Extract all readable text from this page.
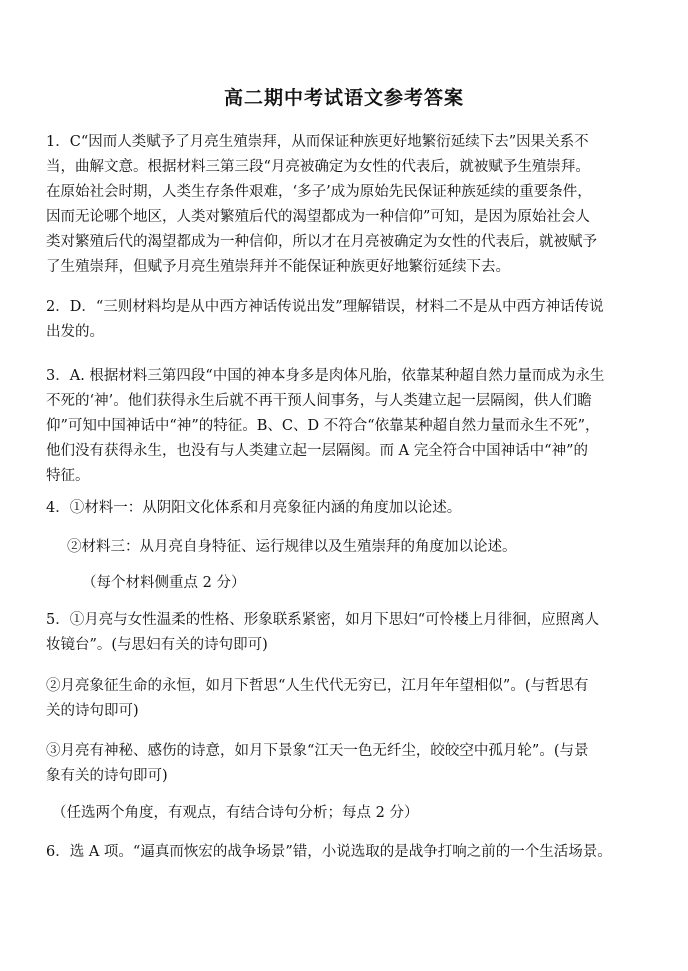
高二期中考试语文参考答案
1．C“因而人类赋予了月亮生殖崇拜，从而保证种族更好地繁衍延续下去”因果关系不
当，曲解文意。根据材料三第三段“月亮被确定为女性的代表后，就被赋予生殖崇拜。
在原始社会时期，人类生存条件艰难，‘多子’成为原始先民保证种族延续的重要条件，
因而无论哪个地区，人类对繁殖后代的渴望都成为一种信仰”可知，是因为原始社会人
类对繁殖后代的渴望都成为一种信仰，所以才在月亮被确定为女性的代表后，就被赋予
了生殖崇拜，但赋予月亮生殖崇拜并不能保证种族更好地繁衍延续下去。
2．D．“三则材料均是从中西方神话传说出发”理解错误，材料二不是从中西方神话传说
出发的。
3．A. 根据材料三第四段“中国的神本身多是肉体凡胎，依靠某种超自然力量而成为永生
不死的‘神’。他们获得永生后就不再干预人间事务，与人类建立起一层隔阂，供人们瞻
仰”可知中国神话中“神”的特征。B、C、D 不符合“依靠某种超自然力量而永生不死”，
他们没有获得永生，也没有与人类建立起一层隔阂。而 A 完全符合中国神话中“神”的
特征。
4．①材料一：从阴阳文化体系和月亮象征内涵的角度加以论述。
②材料三：从月亮自身特征、运行规律以及生殖崇拜的角度加以论述。
（每个材料侧重点 2 分）
5．①月亮与女性温柔的性格、形象联系紧密，如月下思妇“可怜楼上月徘徊，应照离人
妆镜台”。(与思妇有关的诗句即可)
②月亮象征生命的永恒，如月下哲思“人生代代无穷已，江月年年望相似”。(与哲思有
关的诗句即可)
③月亮有神秘、感伤的诗意，如月下景象“江天一色无纤尘，皎皎空中孤月轮”。(与景
象有关的诗句即可)
（任选两个角度，有观点，有结合诗句分析；每点 2 分）
6．选 A 项。“逼真而恢宏的战争场景”错，小说选取的是战争打响之前的一个生活场景。
